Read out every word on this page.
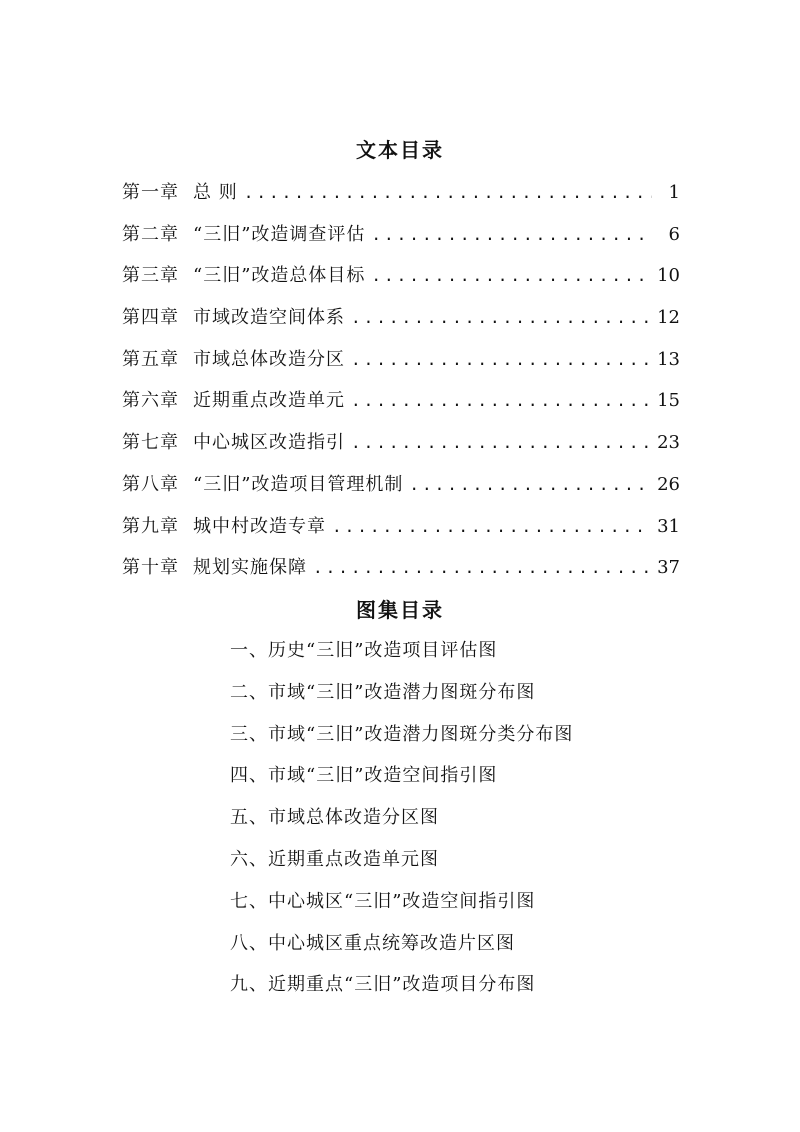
文本目录
第一章 总 则 .....	1
第二章 “三旧”改造调查评估 .....	6
第三章 “三旧”改造总体目标 .....	10
第四章 市域改造空间体系 .....	12
第五章 市域总体改造分区 .....	13
第六章 近期重点改造单元 .....	15
第七章 中心城区改造指引 .....	23
第八章 “三旧”改造项目管理机制 .....	26
第九章 城中村改造专章 .....	31
第十章 规划实施保障 .....	37
图集目录
一、历史“三旧”改造项目评估图
二、市域“三旧”改造潜力图斑分布图
三、市域“三旧”改造潜力图斑分类分布图
四、市域“三旧”改造空间指引图
五、市域总体改造分区图
六、近期重点改造单元图
七、中心城区“三旧”改造空间指引图
八、中心城区重点统筹改造片区图
九、近期重点“三旧”改造项目分布图
